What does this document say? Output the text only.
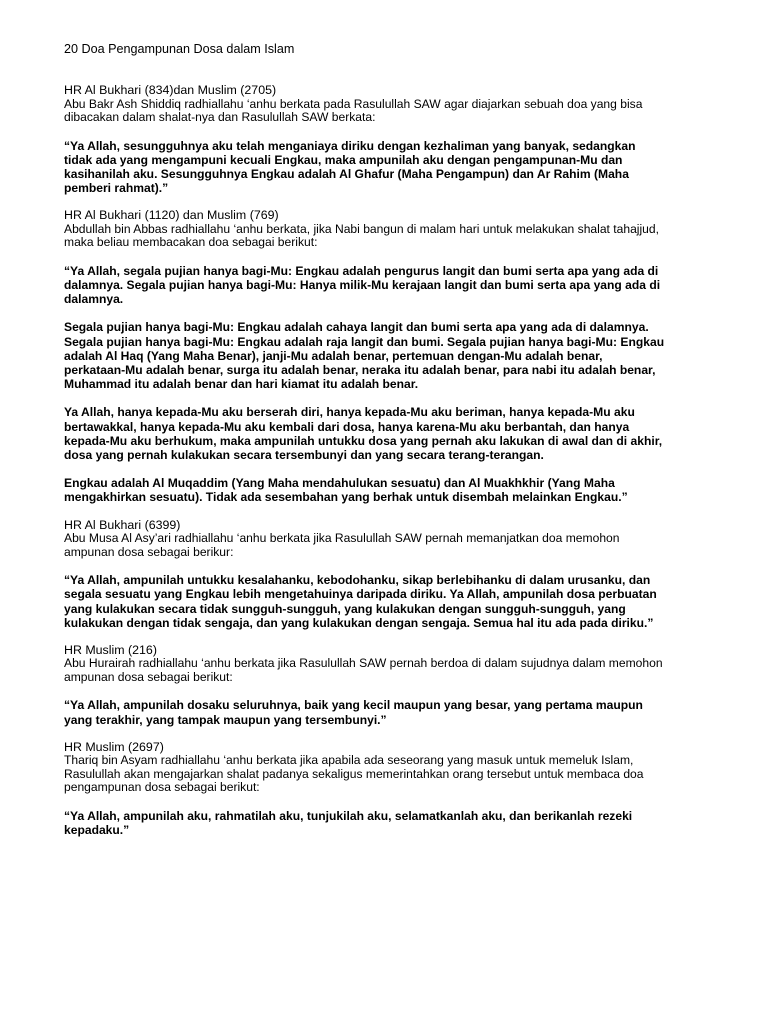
20 Doa Pengampunan Dosa dalam Islam

HR Al Bukhari (834)dan Muslim (2705)

Abu Bakr Ash Shiddiq radhiallahu ‘anhu berkata pada Rasulullah SAW agar diajarkan sebuah doa yang bisa
dibacakan dalam shalat-nya dan Rasulullah SAW berkata:

“Ya Allah, sesungguhnya aku telah menganiaya diriku dengan kezhaliman yang banyak, sedangkan
tidak ada yang mengampuni kecuali Engkau, maka ampunilah aku dengan pengampunan-Mu dan
kasihanilah aku. Sesungguhnya Engkau adalah Al Ghafur (Maha Pengampun) dan Ar Rahim (Maha
pemberi rahmat).”

HR Al Bukhari (1120) dan Muslim (769)

Abdullah bin Abbas radhiallahu ‘anhu berkata, jika Nabi bangun di malam hari untuk melakukan shalat tahajjud,
maka beliau membacakan doa sebagai berikut:

“Ya Allah, segala pujian hanya bagi-Mu: Engkau adalah pengurus langit dan bumi serta apa yang ada di
dalamnya. Segala pujian hanya bagi-Mu: Hanya milik-Mu kerajaan langit dan bumi serta apa yang ada di
dalamnya.

Segala pujian hanya bagi-Mu: Engkau adalah cahaya langit dan bumi serta apa yang ada di dalamnya.
Segala pujian hanya bagi-Mu: Engkau adalah raja langit dan bumi. Segala pujian hanya bagi-Mu: Engkau
adalah Al Haq (Yang Maha Benar), janji-Mu adalah benar, pertemuan dengan-Mu adalah benar,
perkataan-Mu adalah benar, surga itu adalah benar, neraka itu adalah benar, para nabi itu adalah benar,
Muhammad itu adalah benar dan hari kiamat itu adalah benar.

Ya Allah, hanya kepada-Mu aku berserah diri, hanya kepada-Mu aku beriman, hanya kepada-Mu aku
bertawakkal, hanya kepada-Mu aku kembali dari dosa, hanya karena-Mu aku berbantah, dan hanya
kepada-Mu aku berhukum, maka ampunilah untukku dosa yang pernah aku lakukan di awal dan di akhir,
dosa yang pernah kulakukan secara tersembunyi dan yang secara terang-terangan.

Engkau adalah Al Muqaddim (Yang Maha mendahulukan sesuatu) dan Al Muakhkhir (Yang Maha
mengakhirkan sesuatu). Tidak ada sesembahan yang berhak untuk disembah melainkan Engkau.”

HR Al Bukhari (6399)

Abu Musa Al Asy’ari radhiallahu ‘anhu berkata jika Rasulullah SAW pernah memanjatkan doa memohon
ampunan dosa sebagai berikur:

“Ya Allah, ampunilah untukku kesalahanku, kebodohanku, sikap berlebihanku di dalam urusanku, dan
segala sesuatu yang Engkau lebih mengetahuinya daripada diriku. Ya Allah, ampunilah dosa perbuatan
yang kulakukan secara tidak sungguh-sungguh, yang kulakukan dengan sungguh-sungguh, yang
kulakukan dengan tidak sengaja, dan yang kulakukan dengan sengaja. Semua hal itu ada pada diriku.”

HR Muslim (216)

Abu Hurairah radhiallahu ‘anhu berkata jika Rasulullah SAW pernah berdoa di dalam sujudnya dalam memohon
ampunan dosa sebagai berikut:

“Ya Allah, ampunilah dosaku seluruhnya, baik yang kecil maupun yang besar, yang pertama maupun
yang terakhir, yang tampak maupun yang tersembunyi.”

HR Muslim (2697)

Thariq bin Asyam radhiallahu ‘anhu berkata jika apabila ada seseorang yang masuk untuk memeluk Islam,
Rasulullah akan mengajarkan shalat padanya sekaligus memerintahkan orang tersebut untuk membaca doa
pengampunan dosa sebagai berikut:

“Ya Allah, ampunilah aku, rahmatilah aku, tunjukilah aku, selamatkanlah aku, dan berikanlah rezeki
kepadaku.”
